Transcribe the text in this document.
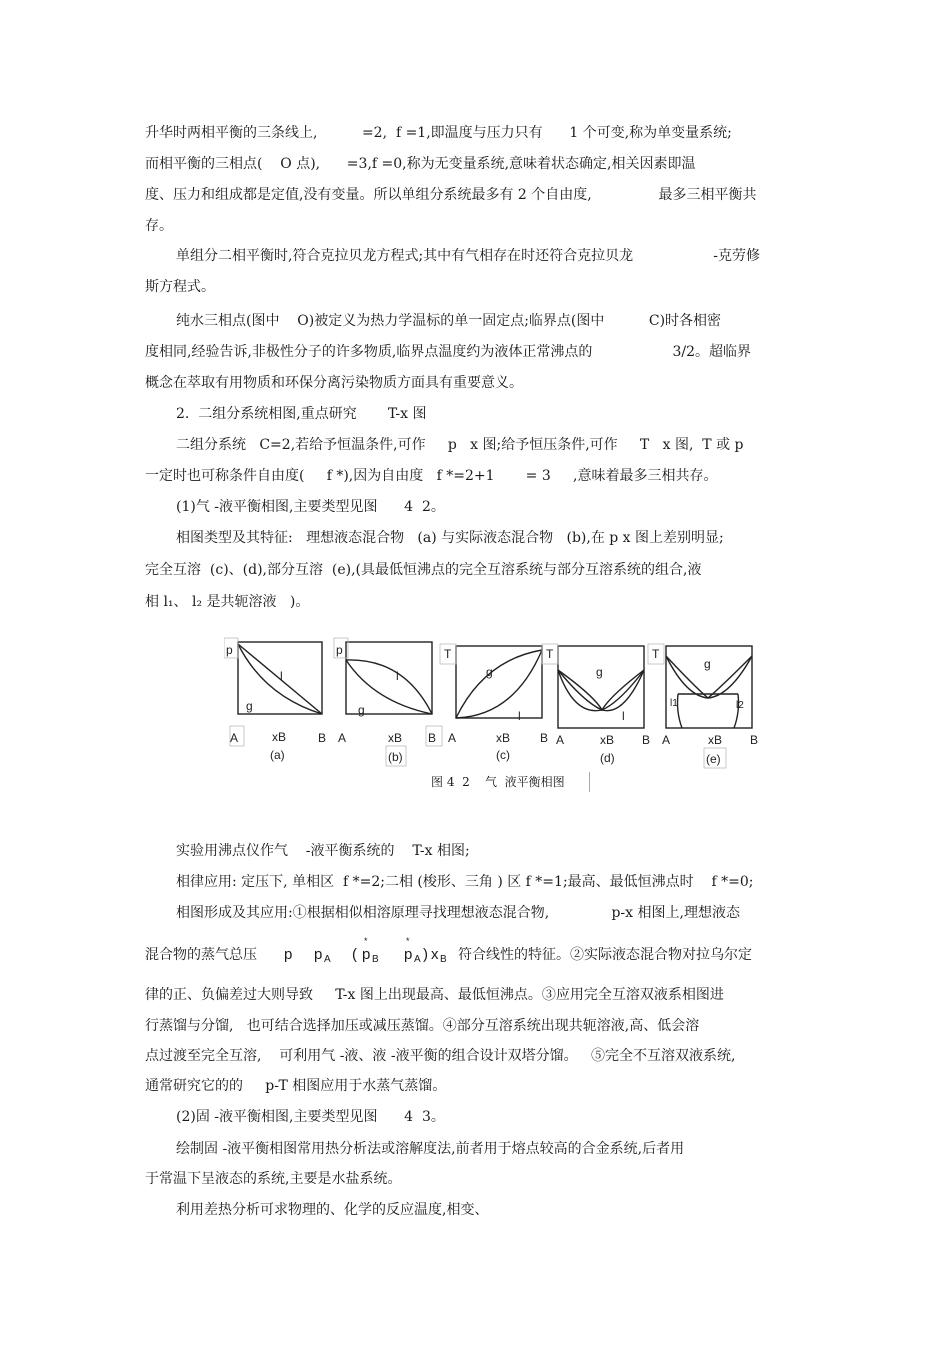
升华时两相平衡的三条线上,          =2,  f =1,即温度与压力只有      1 个可变,称为单变量系统;
而相平衡的三相点(    O 点),      =3,f =0,称为无变量系统,意味着状态确定,相关因素即温
度、压力和组成都是定值,没有变量。所以单组分系统最多有 2 个自由度,               最多三相平衡共
存。
单组分二相平衡时,符合克拉贝龙方程式;其中有气相存在时还符合克拉贝龙                  -克劳修
斯方程式。
纯水三相点(图中    O)被定义为热力学温标的单一固定点;临界点(图中          C)时各相密
度相同,经验告诉,非极性分子的许多物质,临界点温度约为液体正常沸点的                  3/2。超临界
概念在萃取有用物质和环保分离污染物质方面具有重要意义。
2.  二组分系统相图,重点研究       T-x 图
二组分系统   C=2,若给予恒温条件,可作     p   x 图;给予恒压条件,可作     T   x 图,  T 或 p
一定时也可称条件自由度(     f *),因为自由度   f *=2+1       = 3     ,意味着最多三相共存。
(1)气 -液平衡相图,主要类型见图      4  2。
相图类型及其特征:   理想液态混合物   (a) 与实际液态混合物   (b),在 p x 图上差别明显;
完全互溶  (c)、(d),部分互溶  (e),(具最低恒沸点的完全互溶系统与部分互溶系统的组合,液
相 l₁、 l₂ 是共轭溶液   )。
p
l
g
A	xB	B
(a)
p
l
g
A	xB B
(b)
T
g
l
A	xB B
(c)
T
g
l
A	xB B
(d)
T
g
l1	l2
A	xB B
(e)
图 4  2    气  液平衡相图
实验用沸点仪作气    -液平衡系统的    T-x 相图;
相律应用: 定压下, 单相区  f *=2;二相 (梭形、三角 ) 区 f *=1;最高、最低恒沸点时    f *=0;
相图形成及其应用:①根据相似相溶原理寻找理想液态混合物,              p-x 相图上,理想液态
混合物的蒸气总压 p p A ( p
*
B p
*
A ) x B 符合线性的特征。②实际液态混合物对拉乌尔定
律的正、负偏差过大则导致     T-x 图上出现最高、最低恒沸点。③应用完全互溶双液系相图进
行蒸馏与分馏,   也可结合选择加压或减压蒸馏。④部分互溶系统出现共轭溶液,高、低会溶
点过渡至完全互溶,    可利用气 -液、液 -液平衡的组合设计双塔分馏。   ⑤完全不互溶双液系统,
通常研究它的的     p-T 相图应用于水蒸气蒸馏。
(2)固 -液平衡相图,主要类型见图      4  3。
绘制固 -液平衡相图常用热分析法或溶解度法,前者用于熔点较高的合金系统,后者用
于常温下呈液态的系统,主要是水盐系统。
利用差热分析可求物理的、化学的反应温度,相变、
